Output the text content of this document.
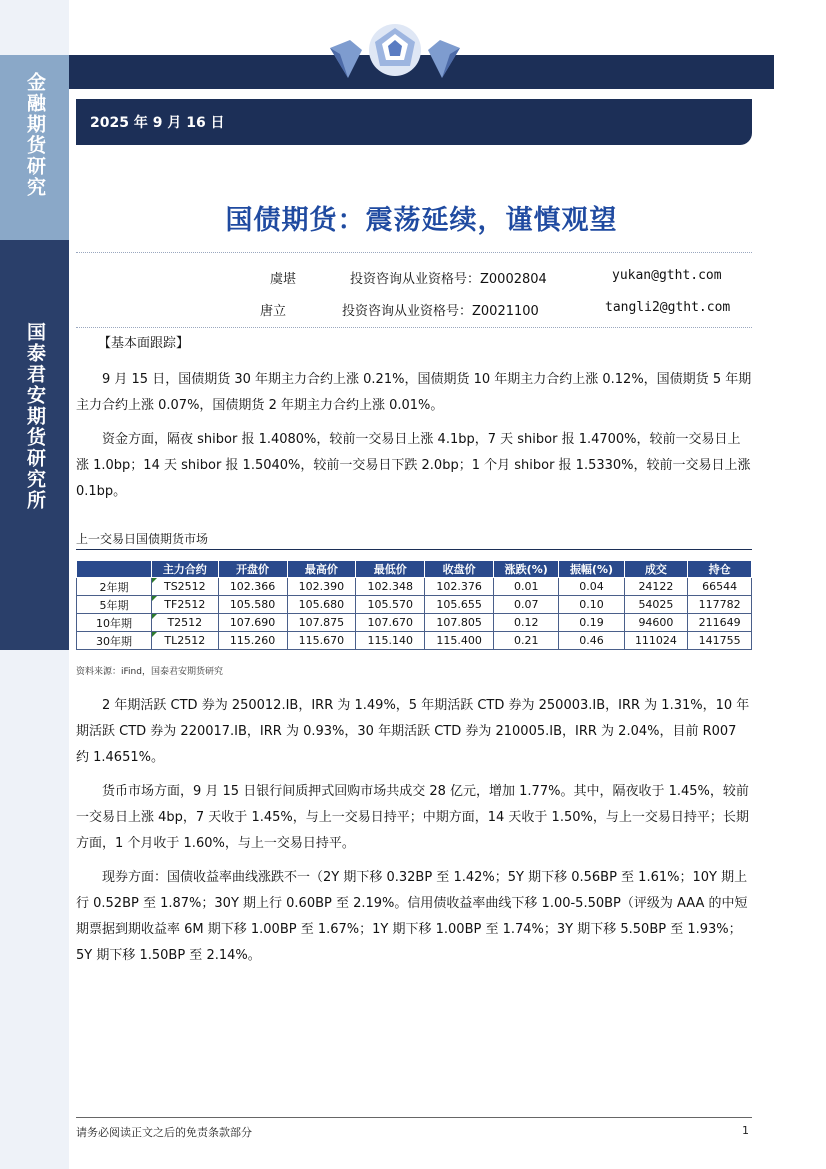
金融期货研究
国泰君安期货研究所
2025 年 9 月 16 日
国债期货：震荡延续，谨慎观望
虞堪	投资咨询从业资格号：Z0002804	yukan@gtht.com
唐立	投资咨询从业资格号：Z0021100	tangli2@gtht.com
【基本面跟踪】
9 月 15 日，国债期货 30 年期主力合约上涨 0.21%，国债期货 10 年期主力合约上涨 0.12%，国债期货 5 年期主力合约上涨 0.07%，国债期货 2 年期主力合约上涨 0.01%。
资金方面，隔夜 shibor 报 1.4080%，较前一交易日上涨 4.1bp，7 天 shibor 报 1.4700%，较前一交易日上涨 1.0bp；14 天 shibor 报 1.5040%，较前一交易日下跌 2.0bp；1 个月 shibor 报 1.5330%，较前一交易日上涨 0.1bp。
上一交易日国债期货市场
	主力合约	开盘价	最高价	最低价	收盘价	涨跌(%)	振幅(%)	成交	持仓
2年期	TS2512	102.366	102.390	102.348	102.376	0.01	0.04	24122	66544
5年期	TF2512	105.580	105.680	105.570	105.655	0.07	0.10	54025	117782
10年期	T2512	107.690	107.875	107.670	107.805	0.12	0.19	94600	211649
30年期	TL2512	115.260	115.670	115.140	115.400	0.21	0.46	111024	141755
资料来源：iFind，国泰君安期货研究
2 年期活跃 CTD 券为 250012.IB，IRR 为 1.49%，5 年期活跃 CTD 券为 250003.IB，IRR 为 1.31%，10 年期活跃 CTD 券为 220017.IB，IRR 为 0.93%，30 年期活跃 CTD 券为 210005.IB，IRR 为 2.04%，目前 R007 约 1.4651%。
货币市场方面，9 月 15 日银行间质押式回购市场共成交 28 亿元，增加 1.77%。其中，隔夜收于 1.45%，较前一交易日上涨 4bp，7 天收于 1.45%，与上一交易日持平；中期方面，14 天收于 1.50%，与上一交易日持平；长期方面，1 个月收于 1.60%，与上一交易日持平。
现券方面：国债收益率曲线涨跌不一（2Y 期下移 0.32BP 至 1.42%；5Y 期下移 0.56BP 至 1.61%；10Y 期上行 0.52BP 至 1.87%；30Y 期上行 0.60BP 至 2.19%。信用债收益率曲线下移 1.00-5.50BP（评级为 AAA 的中短期票据到期收益率 6M 期下移 1.00BP 至 1.67%；1Y 期下移 1.00BP 至 1.74%；3Y 期下移 5.50BP 至 1.93%；5Y 期下移 1.50BP 至 2.14%。
请务必阅读正文之后的免责条款部分	1
